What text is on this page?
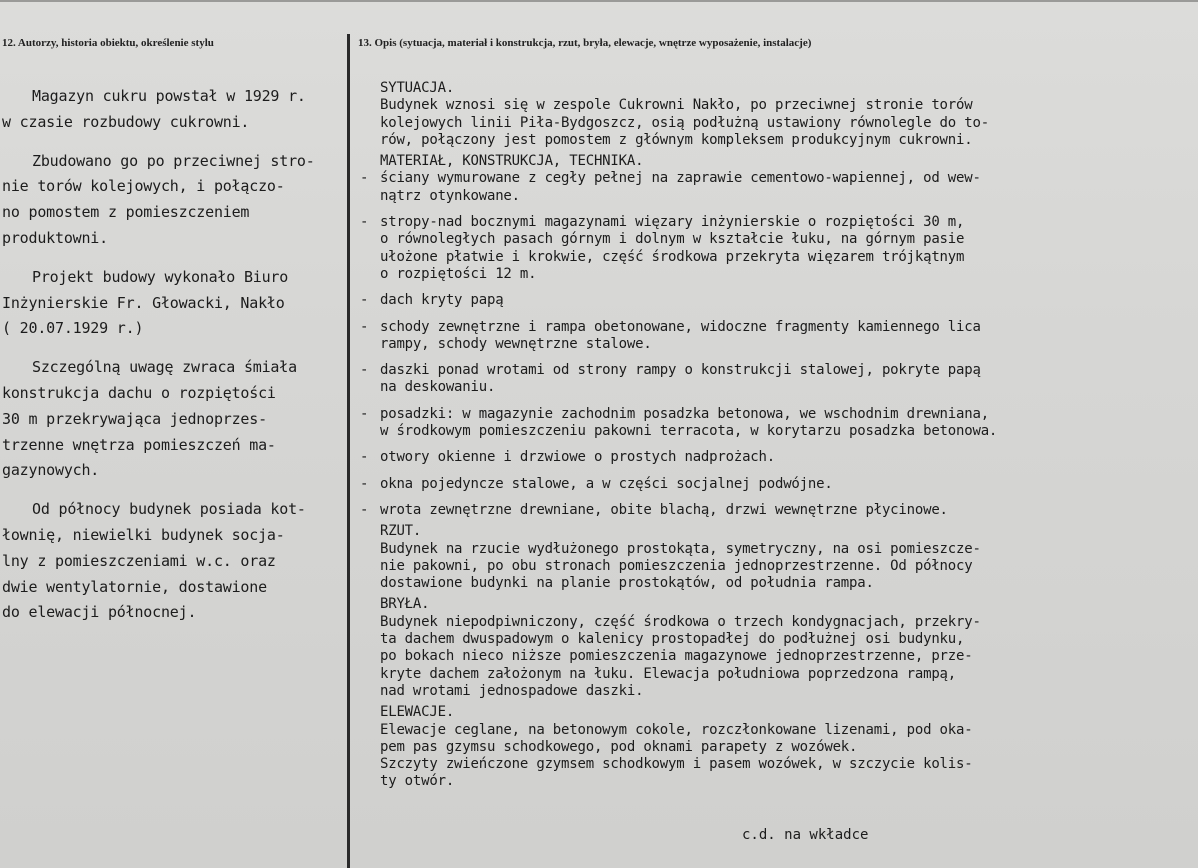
12. Autorzy, historia obiektu, określenie stylu	13. Opis (sytuacja, materiał i konstrukcja, rzut, bryła, elewacje, wnętrze wyposażenie, instalacje)
Magazyn cukru powstał w 1929 r.
w czasie rozbudowy cukrowni.
Zbudowano go po przeciwnej stro-
nie torów kolejowych, i połączo-
no pomostem z pomieszczeniem
produktowni.
Projekt budowy wykonało Biuro
Inżynierskie Fr. Głowacki, Nakło
( 20.07.1929 r.)
Szczególną uwagę zwraca śmiała
konstrukcja dachu o rozpiętości
30 m przekrywająca jednoprzes-
trzenne wnętrza pomieszczeń ma-
gazynowych.
Od północy budynek posiada kot-
łownię, niewielki budynek socja-
lny z pomieszczeniami w.c. oraz
dwie wentylatornie, dostawione
do elewacji północnej.
SYTUACJA.
Budynek wznosi się w zespole Cukrowni Nakło, po przeciwnej stronie torów
kolejowych linii Piła-Bydgoszcz, osią podłużną ustawiony równolegle do to-
rów, połączony jest pomostem z głównym kompleksem produkcyjnym cukrowni.
MATERIAŁ, KONSTRUKCJA, TECHNIKA.
- ściany wymurowane z cegły pełnej na zaprawie cementowo-wapiennej, od wew-
nątrz otynkowane.
- stropy-nad bocznymi magazynami więzary inżynierskie o rozpiętości 30 m,
o równoległych pasach górnym i dolnym w kształcie łuku, na górnym pasie
ułożone płatwie i krokwie, część środkowa przekryta więzarem trójkątnym
o rozpiętości 12 m.
- dach kryty papą
- schody zewnętrzne i rampa obetonowane, widoczne fragmenty kamiennego lica
rampy, schody wewnętrzne stalowe.
- daszki ponad wrotami od strony rampy o konstrukcji stalowej, pokryte papą
na deskowaniu.
- posadzki: w magazynie zachodnim posadzka betonowa, we wschodnim drewniana,
w środkowym pomieszczeniu pakowni terracota, w korytarzu posadzka betonowa.
- otwory okienne i drzwiowe o prostych nadprożach.
- okna pojedyncze stalowe, a w części socjalnej podwójne.
- wrota zewnętrzne drewniane, obite blachą, drzwi wewnętrzne płycinowe.
RZUT.
Budynek na rzucie wydłużonego prostokąta, symetryczny, na osi pomieszcze-
nie pakowni, po obu stronach pomieszczenia jednoprzestrzenne. Od północy
dostawione budynki na planie prostokątów, od południa rampa.
BRYŁA.
Budynek niepodpiwniczony, część środkowa o trzech kondygnacjach, przekry-
ta dachem dwuspadowym o kalenicy prostopadłej do podłużnej osi budynku,
po bokach nieco niższe pomieszczenia magazynowe jednoprzestrzenne, prze-
kryte dachem założonym na łuku. Elewacja południowa poprzedzona rampą,
nad wrotami jednospadowe daszki.
ELEWACJE.
Elewacje ceglane, na betonowym cokole, rozczłonkowane lizenami, pod oka-
pem pas gzymsu schodkowego, pod oknami parapety z wozówek.
Szczyty zwieńczone gzymsem schodkowym i pasem wozówek, w szczycie kolis-
ty otwór.
c.d. na wkładce
